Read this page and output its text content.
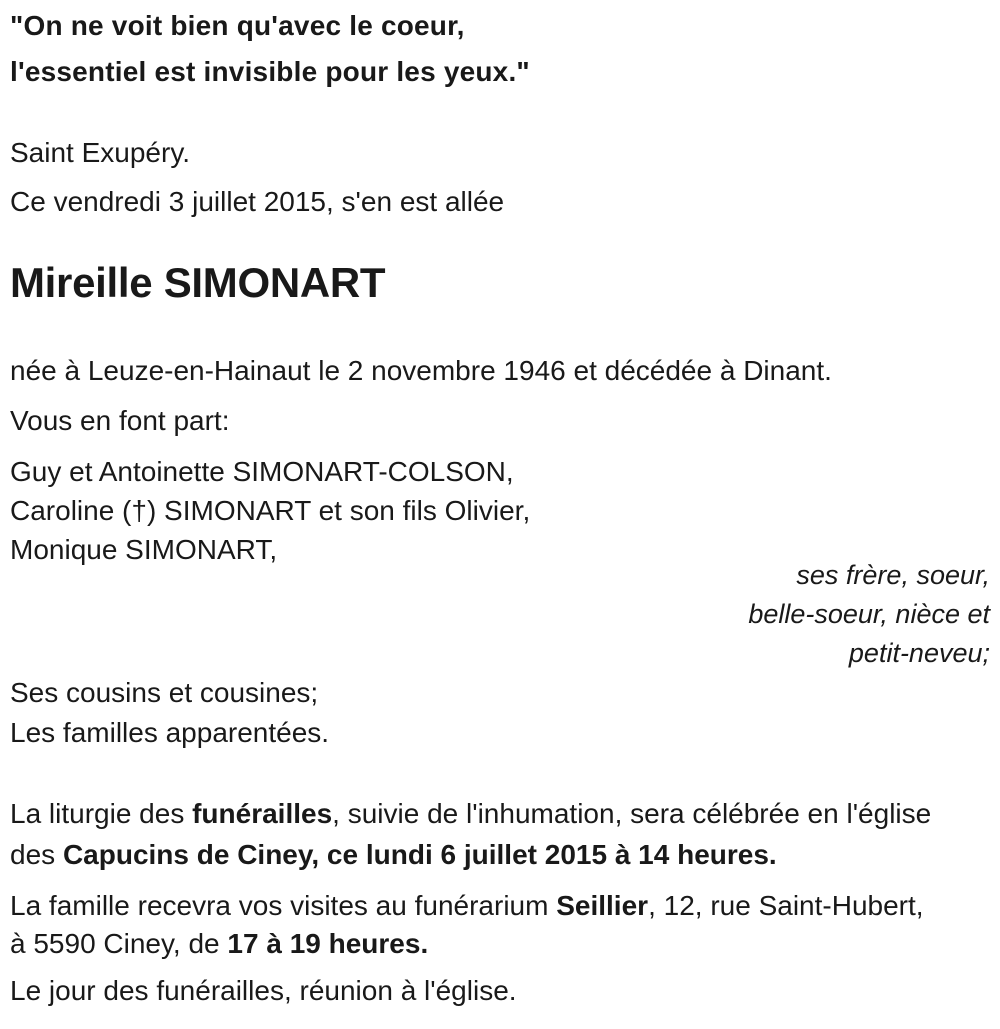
"On ne voit bien qu'avec le coeur,
l'essentiel est invisible pour les yeux."
Saint Exupéry.
Ce vendredi 3 juillet 2015, s'en est allée
Mireille SIMONART
née à Leuze-en-Hainaut le 2 novembre 1946 et décédée à Dinant.
Vous en font part:
Guy et Antoinette SIMONART-COLSON,
Caroline (†) SIMONART et son fils Olivier,
Monique SIMONART,
ses frère, soeur,
belle-soeur, nièce et
petit-neveu;
Ses cousins et cousines;
Les familles apparentées.
La liturgie des funérailles, suivie de l'inhumation, sera célébrée en l'église
des Capucins de Ciney, ce lundi 6 juillet 2015 à 14 heures.
La famille recevra vos visites au funérarium Seillier, 12, rue Saint-Hubert,
à 5590 Ciney, de 17 à 19 heures.
Le jour des funérailles, réunion à l'église.
